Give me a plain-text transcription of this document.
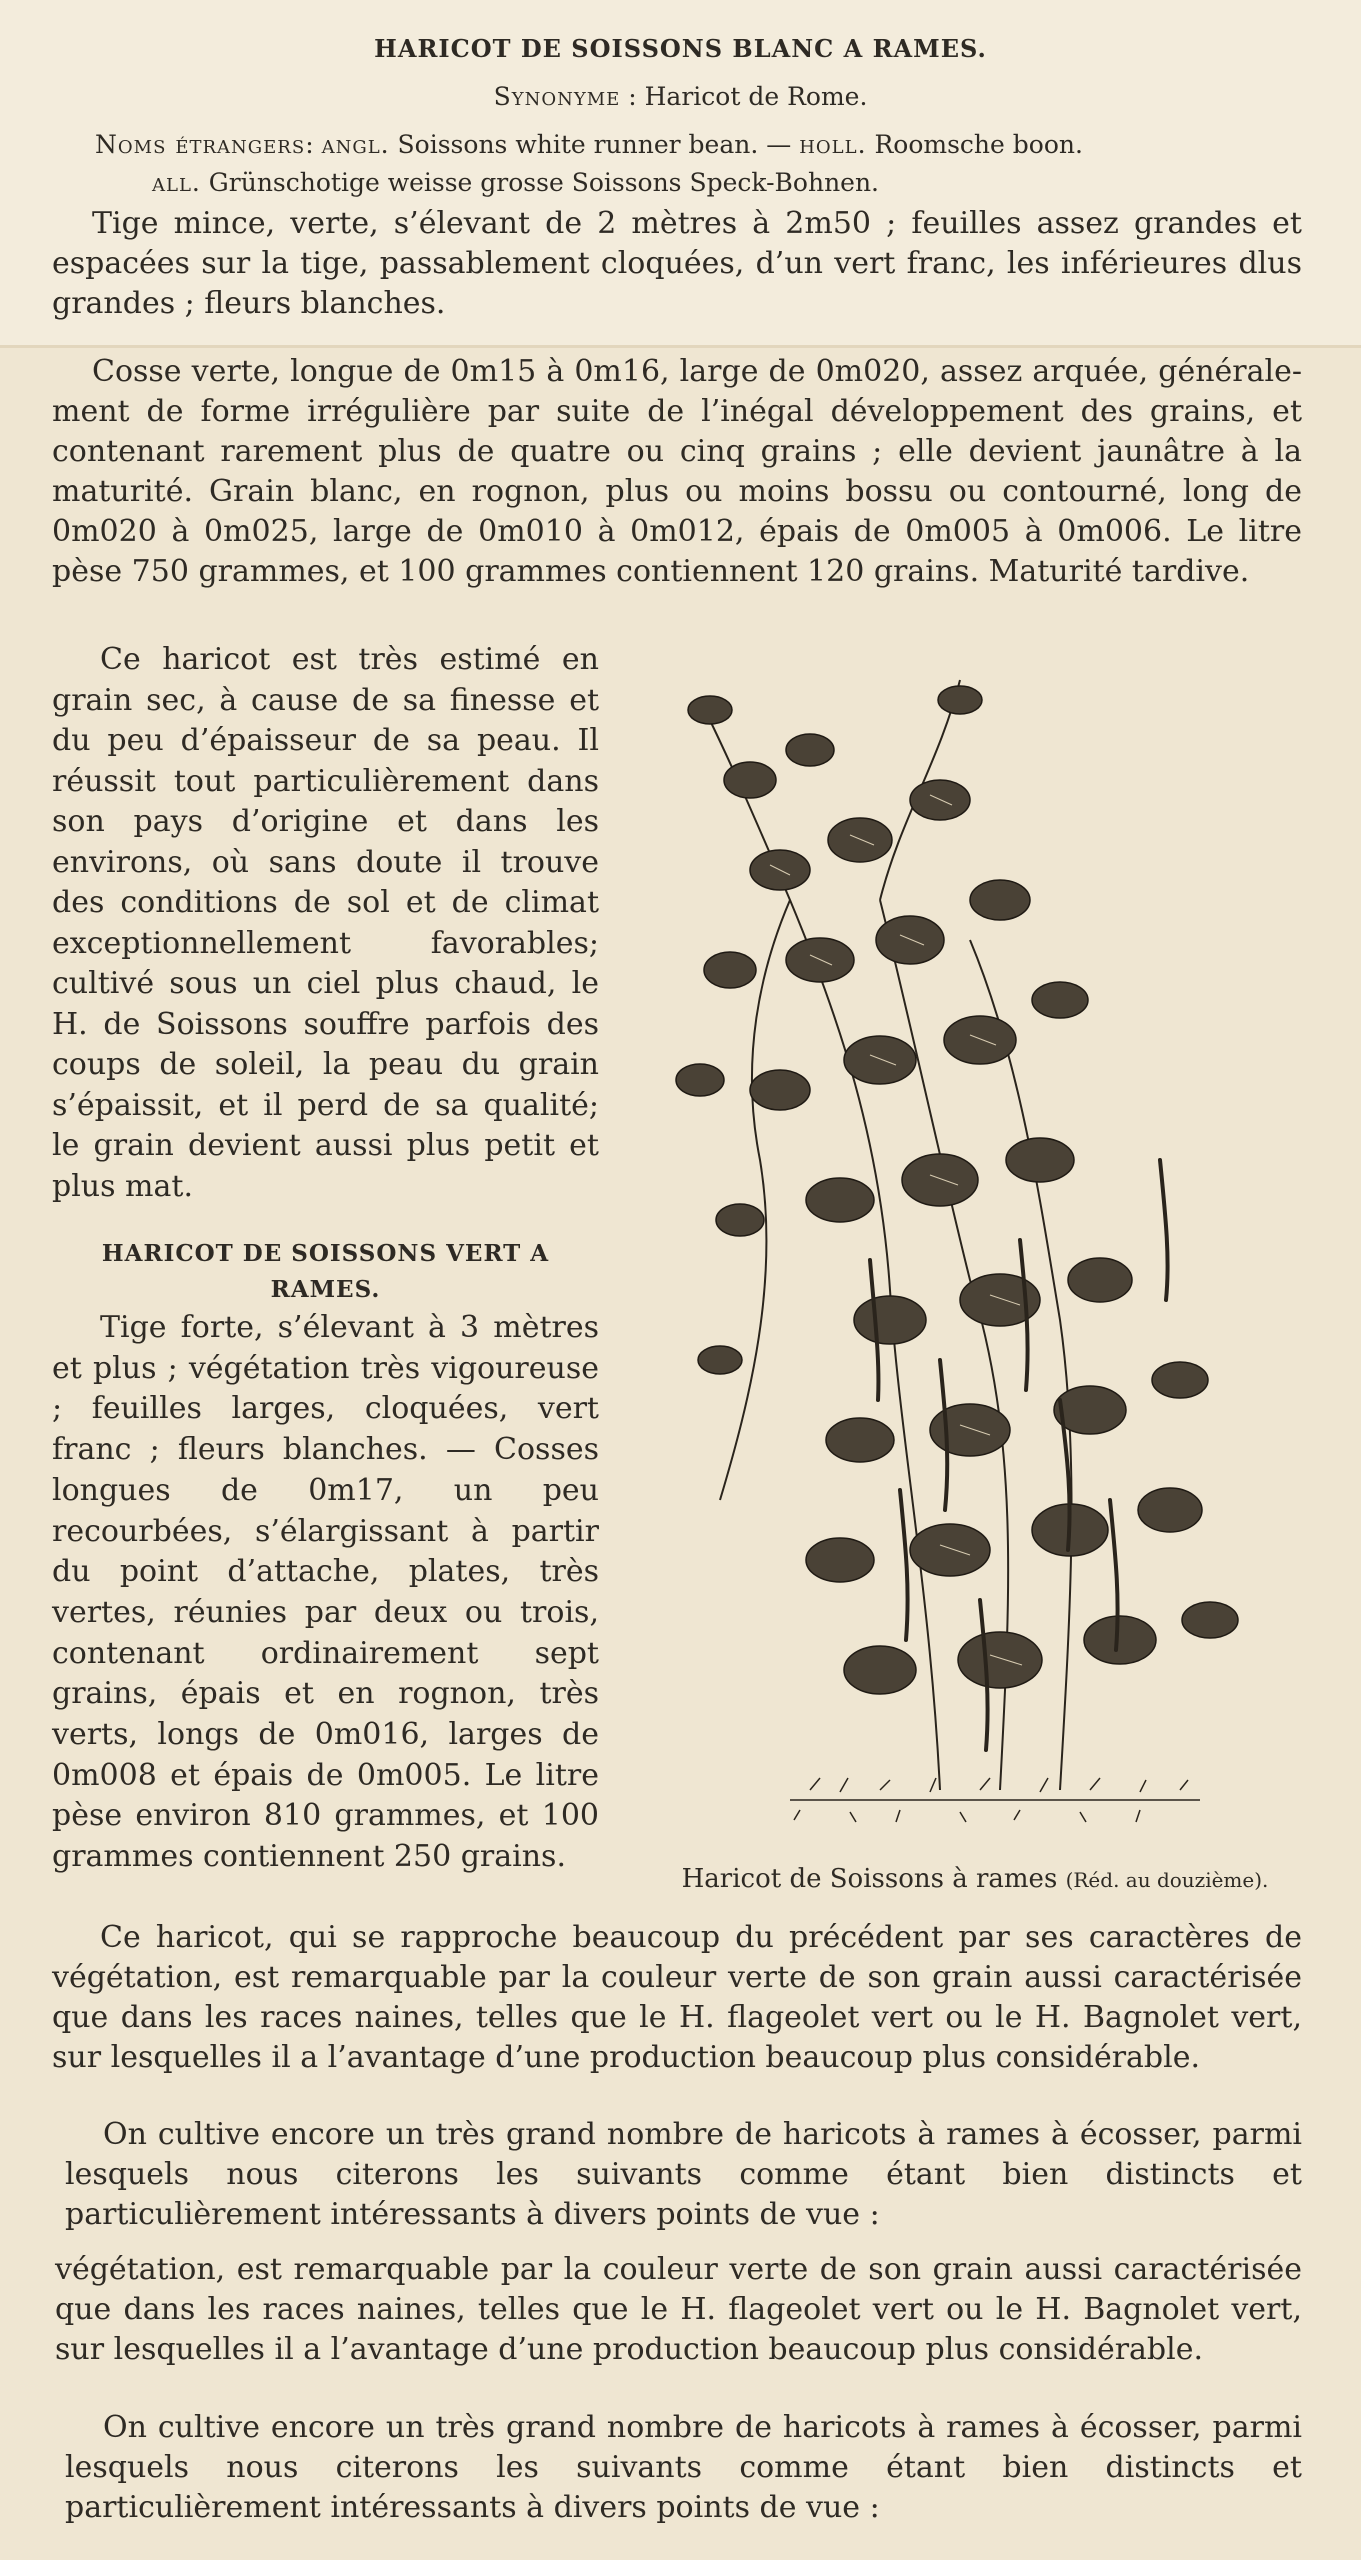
HARICOT DE SOISSONS BLANC A RAMES.
Synonyme : Haricot de Rome.
Noms étrangers: angl. Soissons white runner bean. — holl. Roomsche boon.
all. Grünschotige weisse grosse Soissons Speck-Bohnen.

Tige mince, verte, s’élevant de 2 mètres à 2m50 ; feuilles assez grandes et espacées sur la tige, passablement cloquées, d’un vert franc, les inférieures dlus grandes ; fleurs blanches.

Cosse verte, longue de 0m15 à 0m16, large de 0m020, assez arquée, généralement de forme irrégulière par suite de l’inégal développement des grains, et contenant rarement plus de quatre ou cinq grains ; elle devient jaunâtre à la maturité. Grain blanc, en rognon, plus ou moins bossu ou contourné, long de 0m020 à 0m025, large de 0m010 à 0m012, épais de 0m005 à 0m006. Le litre pèse 750 grammes, et 100 grammes contiennent 120 grains. Maturité tardive.

Ce haricot est très estimé en grain sec, à cause de sa finesse et du peu d’épaisseur de sa peau. Il réussit tout particulièrement dans son pays d’origine et dans les environs, où sans doute il trouve des conditions de sol et de climat exceptionnellement favorables; cultivé sous un ciel plus chaud, le H. de Soissons souffre parfois des coups de soleil, la peau du grain s’épaissit, et il perd de sa qualité; le grain devient aussi plus petit et plus mat.

HARICOT DE SOISSONS VERT A RAMES.

Tige forte, s’élevant à 3 mètres et plus ; végétation très vigoureuse ; feuilles larges, cloquées, vert franc ; fleurs blanches. — Cosses longues de 0m17, un peu recourbées, s’élargissant à partir du point d’attache, plates, très vertes, réunies par deux ou trois, contenant ordinairement sept grains, épais et en rognon, très verts, longs de 0m016, larges de 0m008 et épais de 0m005. Le litre pèse environ 810 grammes, et 100 grammes contiennent 250 grains.

Haricot de Soissons à rames (Réd. au douzième).

Ce haricot, qui se rapproche beaucoup du précédent par ses caractères de végétation, est remarquable par la couleur verte de son grain aussi caractérisée que dans les races naines, telles que le H. flageolet vert ou le H. Bagnolet vert, sur lesquelles il a l’avantage d’une production beaucoup plus considérable.

On cultive encore un très grand nombre de haricots à rames à écosser, parmi lesquels nous citerons les suivants comme étant bien distincts et particulièrement intéressants à divers points de vue :

végétation, est remarquable par la couleur verte de son grain aussi caractérisée que dans les races naines, telles que le H. flageolet vert ou le H. Bagnolet vert, sur lesquelles il a l’avantage d’une production beaucoup plus considérable.

On cultive encore un très grand nombre de haricots à rames à écosser, parmi lesquels nous citerons les suivants comme étant bien distincts et particulièrement intéressants à divers points de vue :
